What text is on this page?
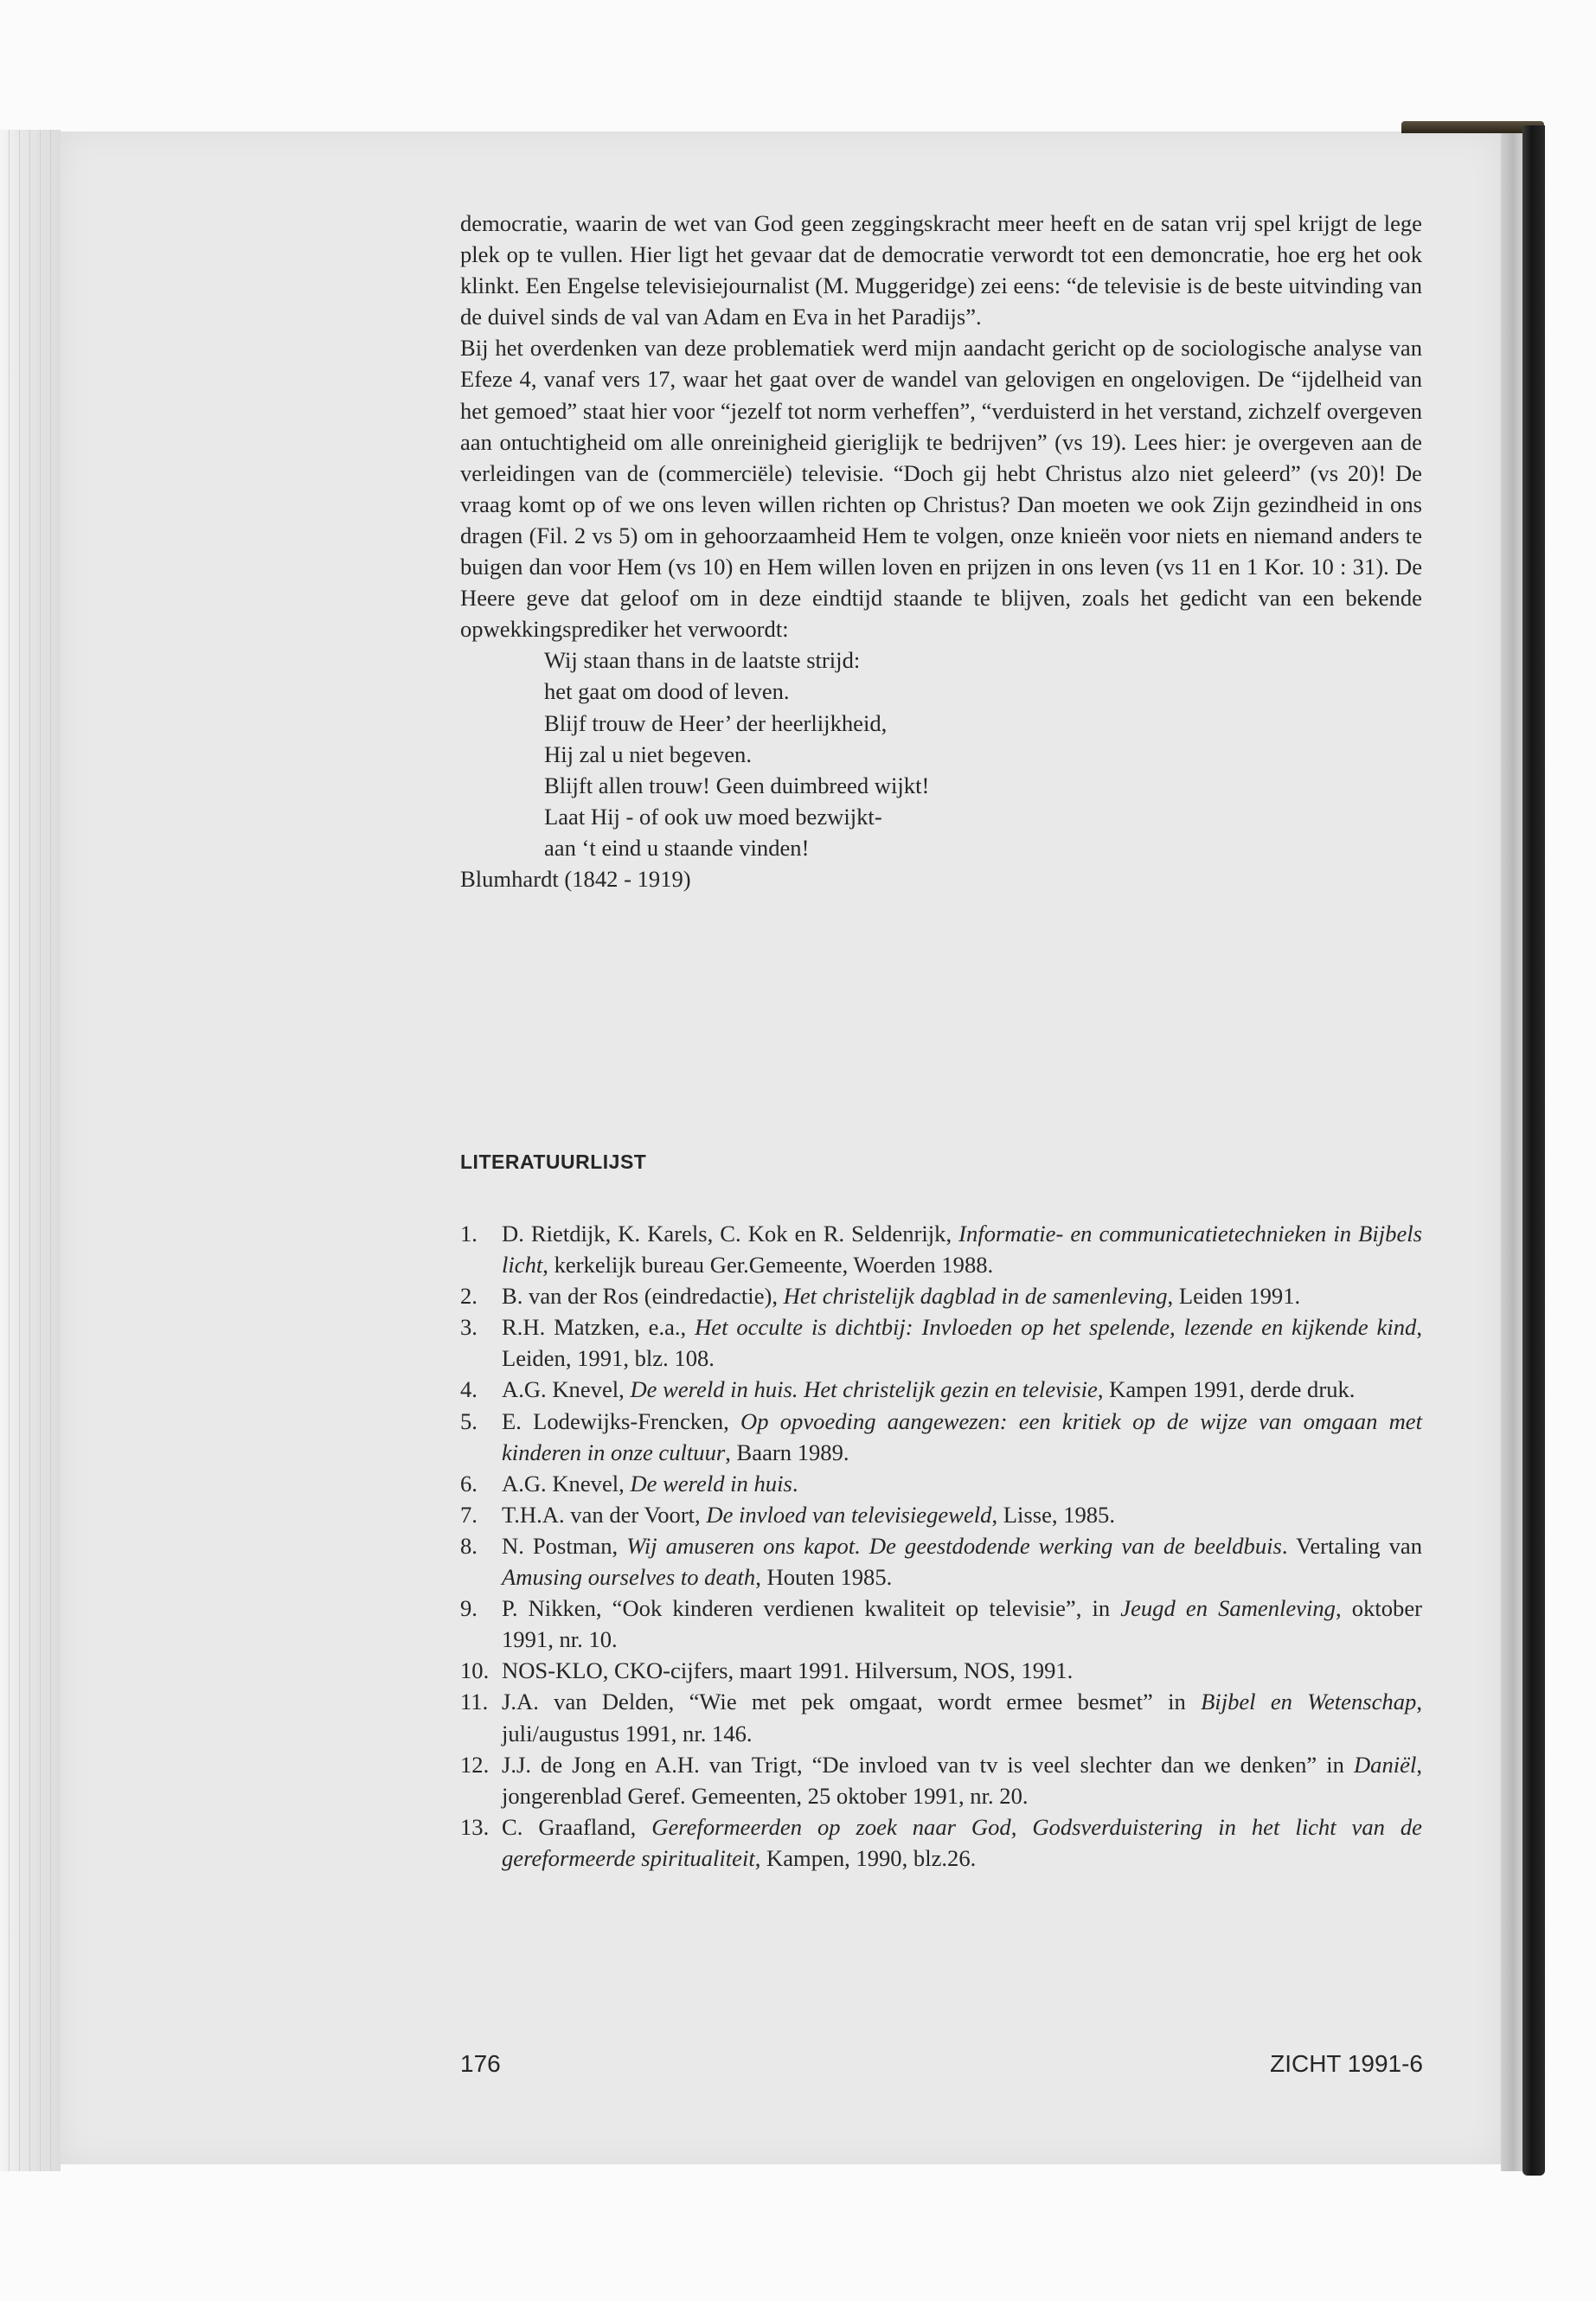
democratie, waarin de wet van God geen zeggingskracht meer heeft en de satan vrij spel krijgt de lege plek op te vullen. Hier ligt het gevaar dat de democratie verwordt tot een demoncratie, hoe erg het ook klinkt. Een Engelse televisiejournalist (M. Muggeridge) zei eens: “de televisie is de beste uitvinding van de duivel sinds de val van Adam en Eva in het Paradijs”.

Bij het overdenken van deze problematiek werd mijn aandacht gericht op de sociologische analyse van Efeze 4, vanaf vers 17, waar het gaat over de wandel van gelovigen en ongelovigen. De “ijdelheid van het gemoed” staat hier voor “jezelf tot norm verheffen”, “verduisterd in het verstand, zichzelf overgeven aan ontuchtigheid om alle onreinigheid gieriglijk te bedrijven” (vs 19). Lees hier: je overgeven aan de verleidingen van de (commerciële) televisie. “Doch gij hebt Christus alzo niet geleerd” (vs 20)! De vraag komt op of we ons leven willen richten op Christus? Dan moeten we ook Zijn gezindheid in ons dragen (Fil. 2 vs 5) om in gehoorzaamheid Hem te volgen, onze knieën voor niets en niemand anders te buigen dan voor Hem (vs 10) en Hem willen loven en prijzen in ons leven (vs 11 en 1 Kor. 10 : 31). De Heere geve dat geloof om in deze eindtijd staande te blijven, zoals het gedicht van een bekende opwekkingsprediker het verwoordt:

Wij staan thans in de laatste strijd:
het gaat om dood of leven.
Blijf trouw de Heer’ der heerlijkheid,
Hij zal u niet begeven.
Blijft allen trouw! Geen duimbreed wijkt!
Laat Hij - of ook uw moed bezwijkt-
aan ‘t eind u staande vinden!

Blumhardt (1842 - 1919)

LITERATUURLIJST
1.	D. Rietdijk, K. Karels, C. Kok en R. Seldenrijk, Informatie- en communicatietechnieken in Bijbels licht, kerkelijk bureau Ger.Gemeente, Woerden 1988.
2.	B. van der Ros (eindredactie), Het christelijk dagblad in de samenleving, Leiden 1991.
3.	R.H. Matzken, e.a., Het occulte is dichtbij: Invloeden op het spelende, lezende en kijkende kind, Leiden, 1991, blz. 108.
4.	A.G. Knevel, De wereld in huis. Het christelijk gezin en televisie, Kampen 1991, derde druk.
5.	E. Lodewijks-Frencken, Op opvoeding aangewezen: een kritiek op de wijze van omgaan met kinderen in onze cultuur, Baarn 1989.
6.	A.G. Knevel, De wereld in huis.
7.	T.H.A. van der Voort, De invloed van televisiegeweld, Lisse, 1985.
8.	N. Postman, Wij amuseren ons kapot. De geestdodende werking van de beeldbuis. Vertaling van Amusing ourselves to death, Houten 1985.
9.	P. Nikken, “Ook kinderen verdienen kwaliteit op televisie”, in Jeugd en Samenleving, oktober 1991, nr. 10.
10. NOS-KLO, CKO-cijfers, maart 1991. Hilversum, NOS, 1991.
11. J.A. van Delden, “Wie met pek omgaat, wordt ermee besmet” in Bijbel en Wetenschap, juli/augustus 1991, nr. 146.
12. J.J. de Jong en A.H. van Trigt, “De invloed van tv is veel slechter dan we denken” in Daniël, jongerenblad Geref. Gemeenten, 25 oktober 1991, nr. 20.
13. C. Graafland, Gereformeerden op zoek naar God, Godsverduistering in het licht van de gereformeerde spiritualiteit, Kampen, 1990, blz.26.
176	ZICHT 1991-6
